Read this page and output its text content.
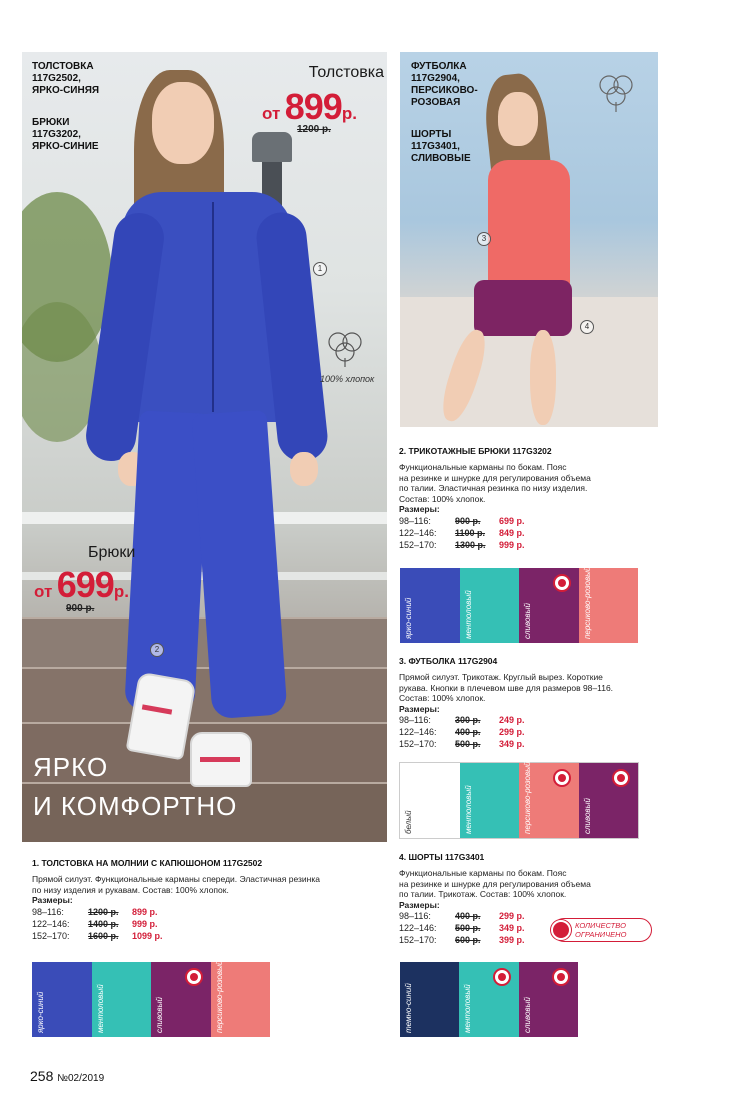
ТОЛСТОВКА
117G2502,
ЯРКО-СИНЯЯ
БРЮКИ
117G3202,
ЯРКО-СИНИЕ
Толстовка
от 899р.
1200 р.
Брюки
от 699р.
900 р.
100% хлопок
1
2
ЯРКО
И КОМФОРТНО
ФУТБОЛКА
117G2904,
ПЕРСИКОВО-
РОЗОВАЯ
ШОРТЫ
117G3401,
СЛИВОВЫЕ
3
4
1. ТОЛСТОВКА НА МОЛНИИ С КАПЮШОНОМ 117G2502
Прямой силуэт. Функциональные карманы спереди. Эластичная резинка
по низу изделия и рукавам. Состав: 100% хлопок.
Размеры:
98–116:	1200 р.	899 р.
122–146:	1400 р.	999 р.
152–170:	1600 р.	1099 р.
ярко-синий	ментоловый	сливовый	персиково-розовый
2. ТРИКОТАЖНЫЕ БРЮКИ 117G3202
Функциональные карманы по бокам. Пояс
на резинке и шнурке для регулирования объема
по талии. Эластичная резинка по низу изделия.
Состав: 100% хлопок.
Размеры:
98–116:	900 р.	699 р.
122–146:	1100 р.	849 р.
152–170:	1300 р.	999 р.
ярко-синий	ментоловый	сливовый	персиково-розовый
3. ФУТБОЛКА 117G2904
Прямой силуэт. Трикотаж. Круглый вырез. Короткие
рукава. Кнопки в плечевом шве для размеров 98–116.
Состав: 100% хлопок.
Размеры:
98–116:	300 р.	249 р.
122–146:	400 р.	299 р.
152–170:	500 р.	349 р.
белый	ментоловый	персиково-розовый	сливовый
4. ШОРТЫ 117G3401
Функциональные карманы по бокам. Пояс
на резинке и шнурке для регулирования объема
по талии. Трикотаж. Состав: 100% хлопок.
Размеры:
98–116:	400 р.	299 р.
122–146:	500 р.	349 р.
152–170:	600 р.	399 р.
КОЛИЧЕСТВО
ОГРАНИЧЕНО
темно-синий	ментоловый	сливовый
258 №02/2019
